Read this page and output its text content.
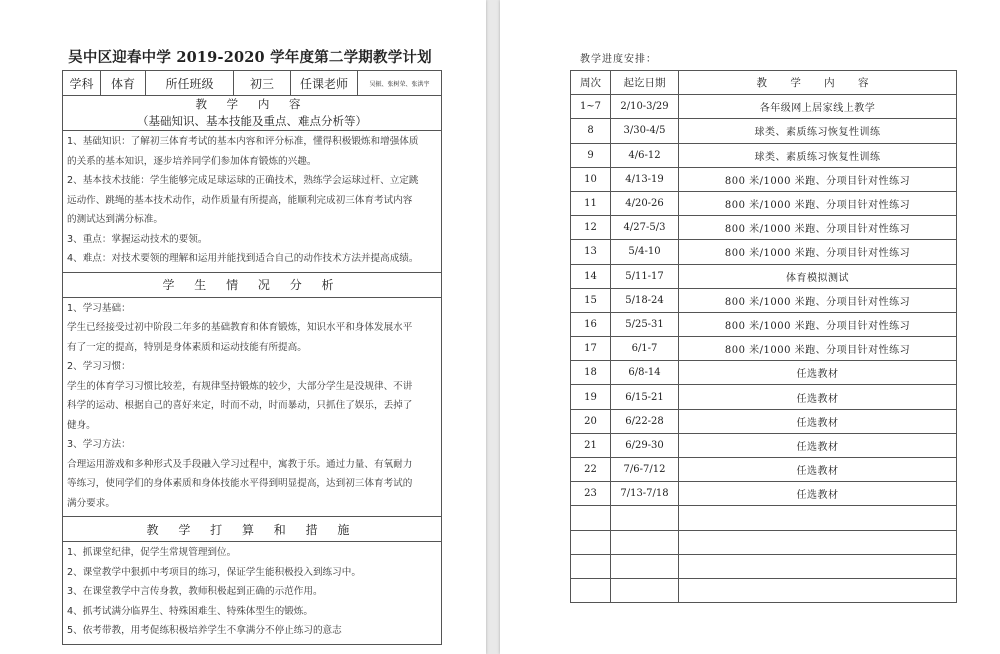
吴中区迎春中学 2019-2020 学年度第二学期教学计划
学科	体育	所任班级	初三	任课老师	吴振、张树荣、张洪宇

教 学 内 容
（基础知识、基本技能及重点、难点分析等）

1、基础知识：了解初三体育考试的基本内容和评分标准，懂得积极锻炼和增强体质

的关系的基本知识，逐步培养同学们参加体育锻炼的兴趣。

2、基本技术技能：学生能够完成足球运球的正确技术，熟练学会运球过杆、立定跳

远动作、跳绳的基本技术动作，动作质量有所提高，能顺利完成初三体育考试内容

的测试达到满分标准。

3、重点：掌握运动技术的要领。

4、难点：对技术要领的理解和运用并能找到适合自己的动作技术方法并提高成绩。

学 生 情 况 分 析

1、学习基础：

学生已经接受过初中阶段二年多的基础教育和体育锻炼，知识水平和身体发展水平

有了一定的提高，特别是身体素质和运动技能有所提高。

2、学习习惯：

学生的体育学习习惯比较差，有规律坚持锻炼的较少，大部分学生是没规律、不讲

科学的运动、根据自己的喜好来定，时而不动，时而暴动，只抓住了娱乐，丢掉了

健身。

3、学习方法：

合理运用游戏和多种形式及手段融入学习过程中，寓教于乐。通过力量、有氧耐力

等练习，使同学们的身体素质和身体技能水平得到明显提高，达到初三体育考试的

满分要求。

教 学 打 算 和 措 施

1、抓课堂纪律，促学生常规管理到位。

2、课堂教学中狠抓中考项目的练习，保证学生能积极投入到练习中。

3、在课堂教学中言传身教，教师积极起到正确的示范作用。

4、抓考试满分临界生、特殊困难生、特殊体型生的锻炼。

5、依考带教，用考促练积极培养学生不拿满分不停止练习的意志

教学进度安排：
周次	起讫日期	教 学 内 容
1~7	2/10-3/29	各年级网上居家线上教学
8	3/30-4/5	球类、素质练习恢复性训练
9	4/6-12	球类、素质练习恢复性训练
10	4/13-19	800 米/1000 米跑、分项目针对性练习
11	4/20-26	800 米/1000 米跑、分项目针对性练习
12	4/27-5/3	800 米/1000 米跑、分项目针对性练习
13	5/4-10	800 米/1000 米跑、分项目针对性练习
14	5/11-17	体育模拟测试
15	5/18-24	800 米/1000 米跑、分项目针对性练习
16	5/25-31	800 米/1000 米跑、分项目针对性练习
17	6/1-7	800 米/1000 米跑、分项目针对性练习
18	6/8-14	任选教材
19	6/15-21	任选教材
20	6/22-28	任选教材
21	6/29-30	任选教材
22	7/6-7/12	任选教材
23	7/13-7/18	任选教材
